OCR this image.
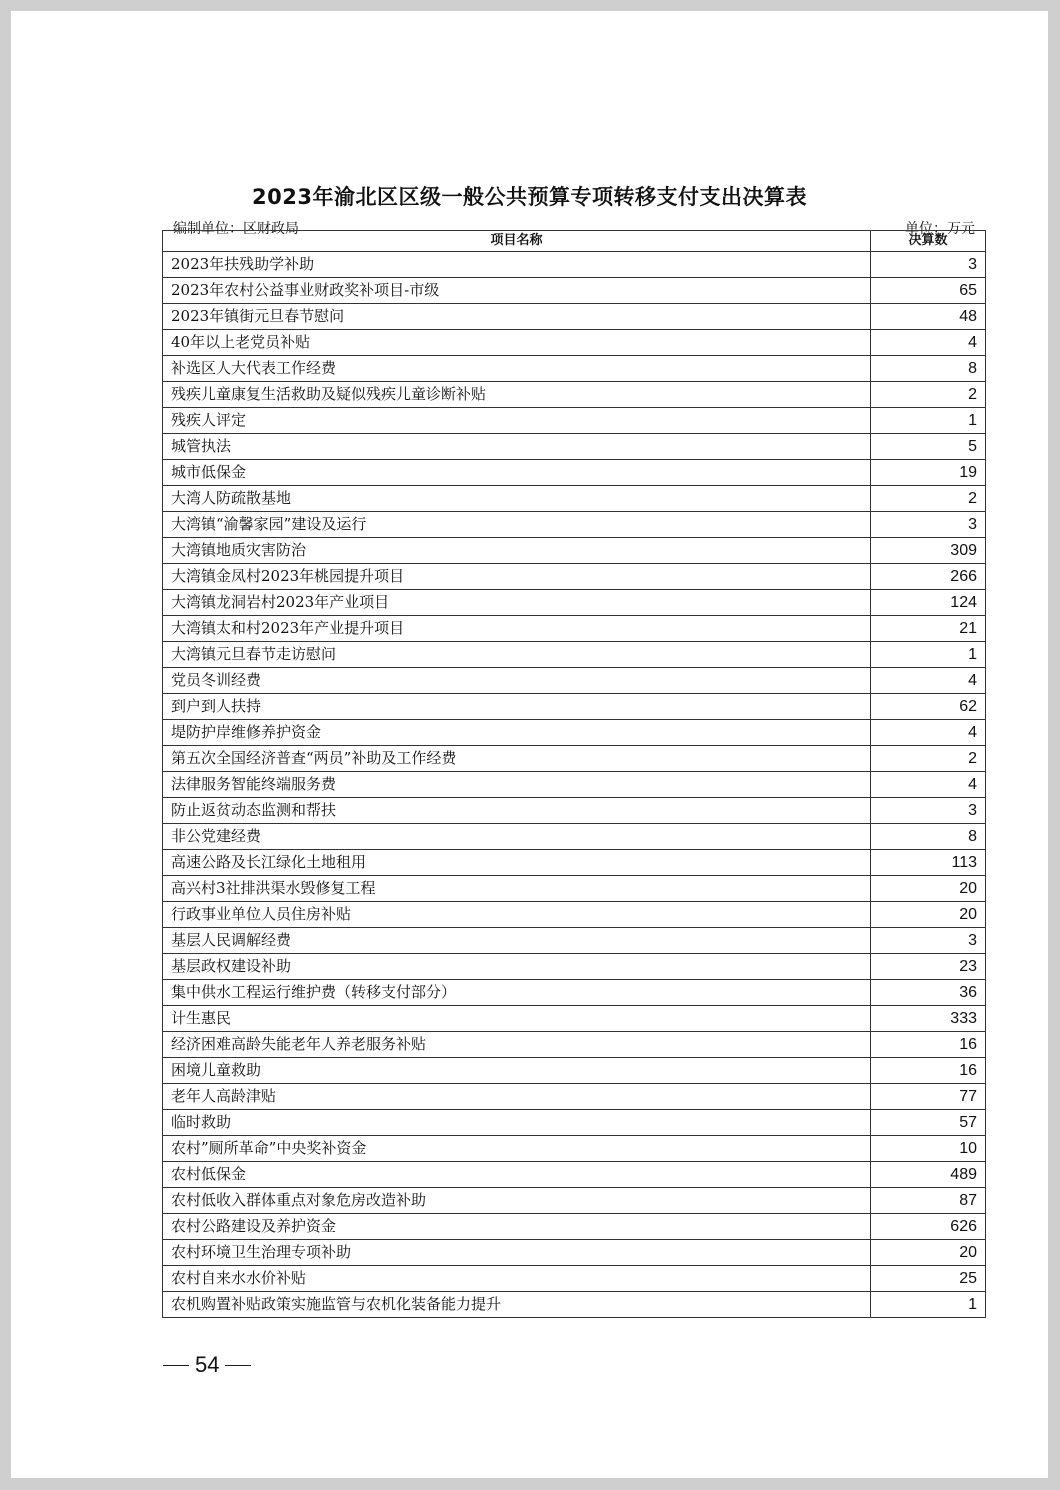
2023年渝北区区级一般公共预算专项转移支付支出决算表
编制单位：区财政局	单位：万元
项目名称	决算数
2023年扶残助学补助	3
2023年农村公益事业财政奖补项目-市级	65
2023年镇街元旦春节慰问	48
40年以上老党员补贴	4
补选区人大代表工作经费	8
残疾儿童康复生活救助及疑似残疾儿童诊断补贴	2
残疾人评定	1
城管执法	5
城市低保金	19
大湾人防疏散基地	2
大湾镇“渝馨家园”建设及运行	3
大湾镇地质灾害防治	309
大湾镇金凤村2023年桃园提升项目	266
大湾镇龙洞岩村2023年产业项目	124
大湾镇太和村2023年产业提升项目	21
大湾镇元旦春节走访慰问	1
党员冬训经费	4
到户到人扶持	62
堤防护岸维修养护资金	4
第五次全国经济普查“两员”补助及工作经费	2
法律服务智能终端服务费	4
防止返贫动态监测和帮扶	3
非公党建经费	8
高速公路及长江绿化土地租用	113
高兴村3社排洪渠水毁修复工程	20
行政事业单位人员住房补贴	20
基层人民调解经费	3
基层政权建设补助	23
集中供水工程运行维护费（转移支付部分）	36
计生惠民	333
经济困难高龄失能老年人养老服务补贴	16
困境儿童救助	16
老年人高龄津贴	77
临时救助	57
农村”厕所革命”中央奖补资金	10
农村低保金	489
农村低收入群体重点对象危房改造补助	87
农村公路建设及养护资金	626
农村环境卫生治理专项补助	20
农村自来水水价补贴	25
农机购置补贴政策实施监管与农机化装备能力提升	1
54
